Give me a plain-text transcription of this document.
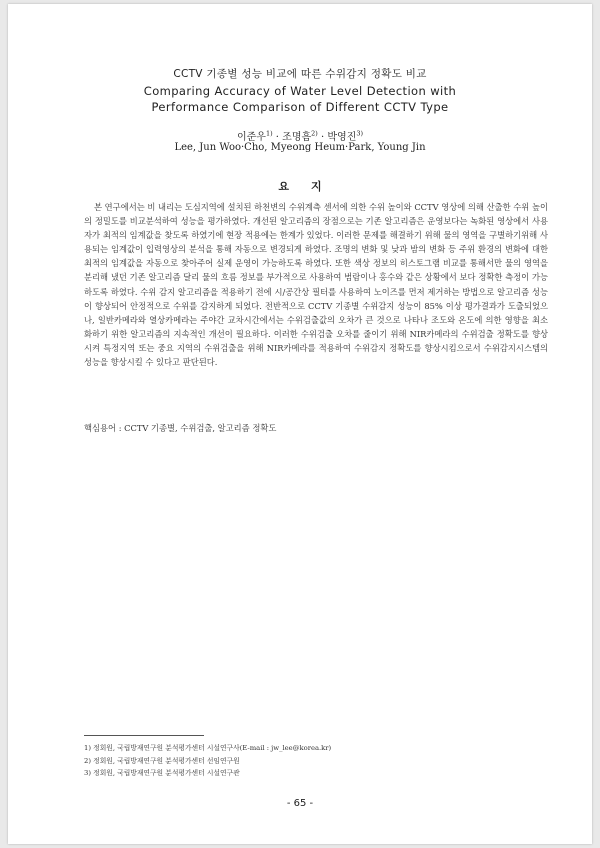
CCTV 기종별 성능 비교에 따른 수위감지 정확도 비교
Comparing Accuracy of Water Level Detection with
Performance Comparison of Different CCTV Type
이준우$^{1)}$ · 조명흠$^{2)}$ · 박영진$^{3)}$
Lee, Jun Woo·Cho, Myeong Heum·Park, Young Jin
요지

본 연구에서는 비 내리는 도심지역에 설치된 하천변의 수위계측 센서에 의한 수위 높이와 CCTV 영상에 의해 산출한 수위 높이의 정밀도를 비교분석하여 성능을 평가하였다. 개선된 알고리즘의 장점으로는 기존 알고리즘은 운영보다는 녹화된 영상에서 사용자가 최적의 임계값을 찾도록 하였기에 현장 적용에는 한계가 있었다. 이러한 문제를 해결하기 위해 물의 영역을 구별하기위해 사용되는 임계값이 입력영상의 분석을 통해 자동으로 변경되게 하였다. 조명의 변화 및 낮과 밤의 변화 등 주위 환경의 변화에 대한 최적의 임계값을 자동으로 찾아주어 실제 운영이 가능하도록 하였다. 또한 색상 정보의 히스토그램 비교를 통해서만 물의 영역을 분리해 냈던 기존 알고리즘 달리 물의 흐름 정보를 부가적으로 사용하여 범람이나 홍수와 같은 상황에서 보다 정확한 측정이 가능하도록 하였다. 수위 감지 알고리즘을 적용하기 전에 시/공간상 필터를 사용하여 노이즈를 먼저 제거하는 방법으로 알고리즘 성능이 향상되어 안정적으로 수위를 감지하게 되었다. 전반적으로 CCTV 기종별 수위감지 성능이 85% 이상 평가결과가 도출되었으나, 일반카메라와 열상카메라는 주야간 교차시간에서는 수위검출값의 오차가 큰 것으로 나타나 조도와 온도에 의한 영향을 최소화하기 위한 알고리즘의 지속적인 개선이 필요하다. 이러한 수위검출 오차를 줄이기 위해 NIR카메라의 수위검출 정확도를 향상시켜 특정지역 또는 중요 지역의 수위검출을 위해 NIR카메라를 적용하여 수위감지 정확도를 향상시킴으로서 수위감지시스템의 성능을 향상시킬 수 있다고 판단된다.

핵심용어 : CCTV 기종별, 수위검출, 알고리즘 정확도

1) 정회원, 국립방재연구원 분석평가센터 시설연구사(E-mail : jw_lee@korea.kr)
2) 정회원, 국립방재연구원 분석평가센터 선임연구원
3) 정회원, 국립방재연구원 분석평가센터 시설연구관
- 65 -
